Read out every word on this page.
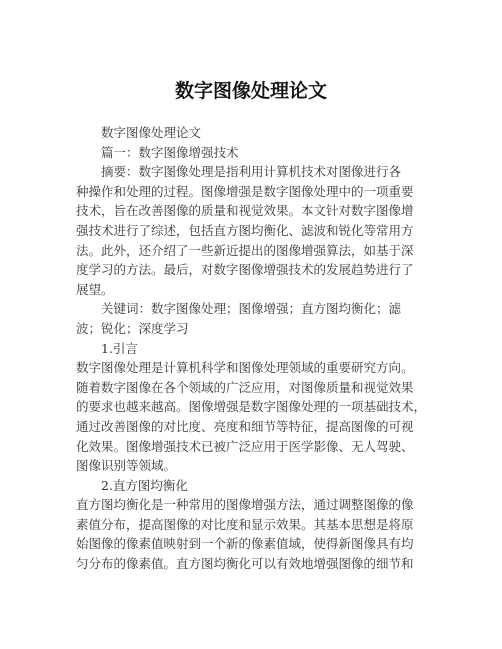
数字图像处理论文
数字图像处理论文
篇一：数字图像增强技术
摘要：数字图像处理是指利用计算机技术对图像进行各
种操作和处理的过程。图像增强是数字图像处理中的一项重要
技术，旨在改善图像的质量和视觉效果。本文针对数字图像增
强技术进行了综述，包括直方图均衡化、滤波和锐化等常用方
法。此外，还介绍了一些新近提出的图像增强算法，如基于深
度学习的方法。最后，对数字图像增强技术的发展趋势进行了
展望。
关键词：数字图像处理；图像增强；直方图均衡化；滤
波；锐化；深度学习
1.引言
数字图像处理是计算机科学和图像处理领域的重要研究方向。
随着数字图像在各个领域的广泛应用，对图像质量和视觉效果
的要求也越来越高。图像增强是数字图像处理的一项基础技术，
通过改善图像的对比度、亮度和细节等特征，提高图像的可视
化效果。图像增强技术已被广泛应用于医学影像、无人驾驶、
图像识别等领域。
2.直方图均衡化
直方图均衡化是一种常用的图像增强方法，通过调整图像的像
素值分布，提高图像的对比度和显示效果。其基本思想是将原
始图像的像素值映射到一个新的像素值域，使得新图像具有均
匀分布的像素值。直方图均衡化可以有效地增强图像的细节和
